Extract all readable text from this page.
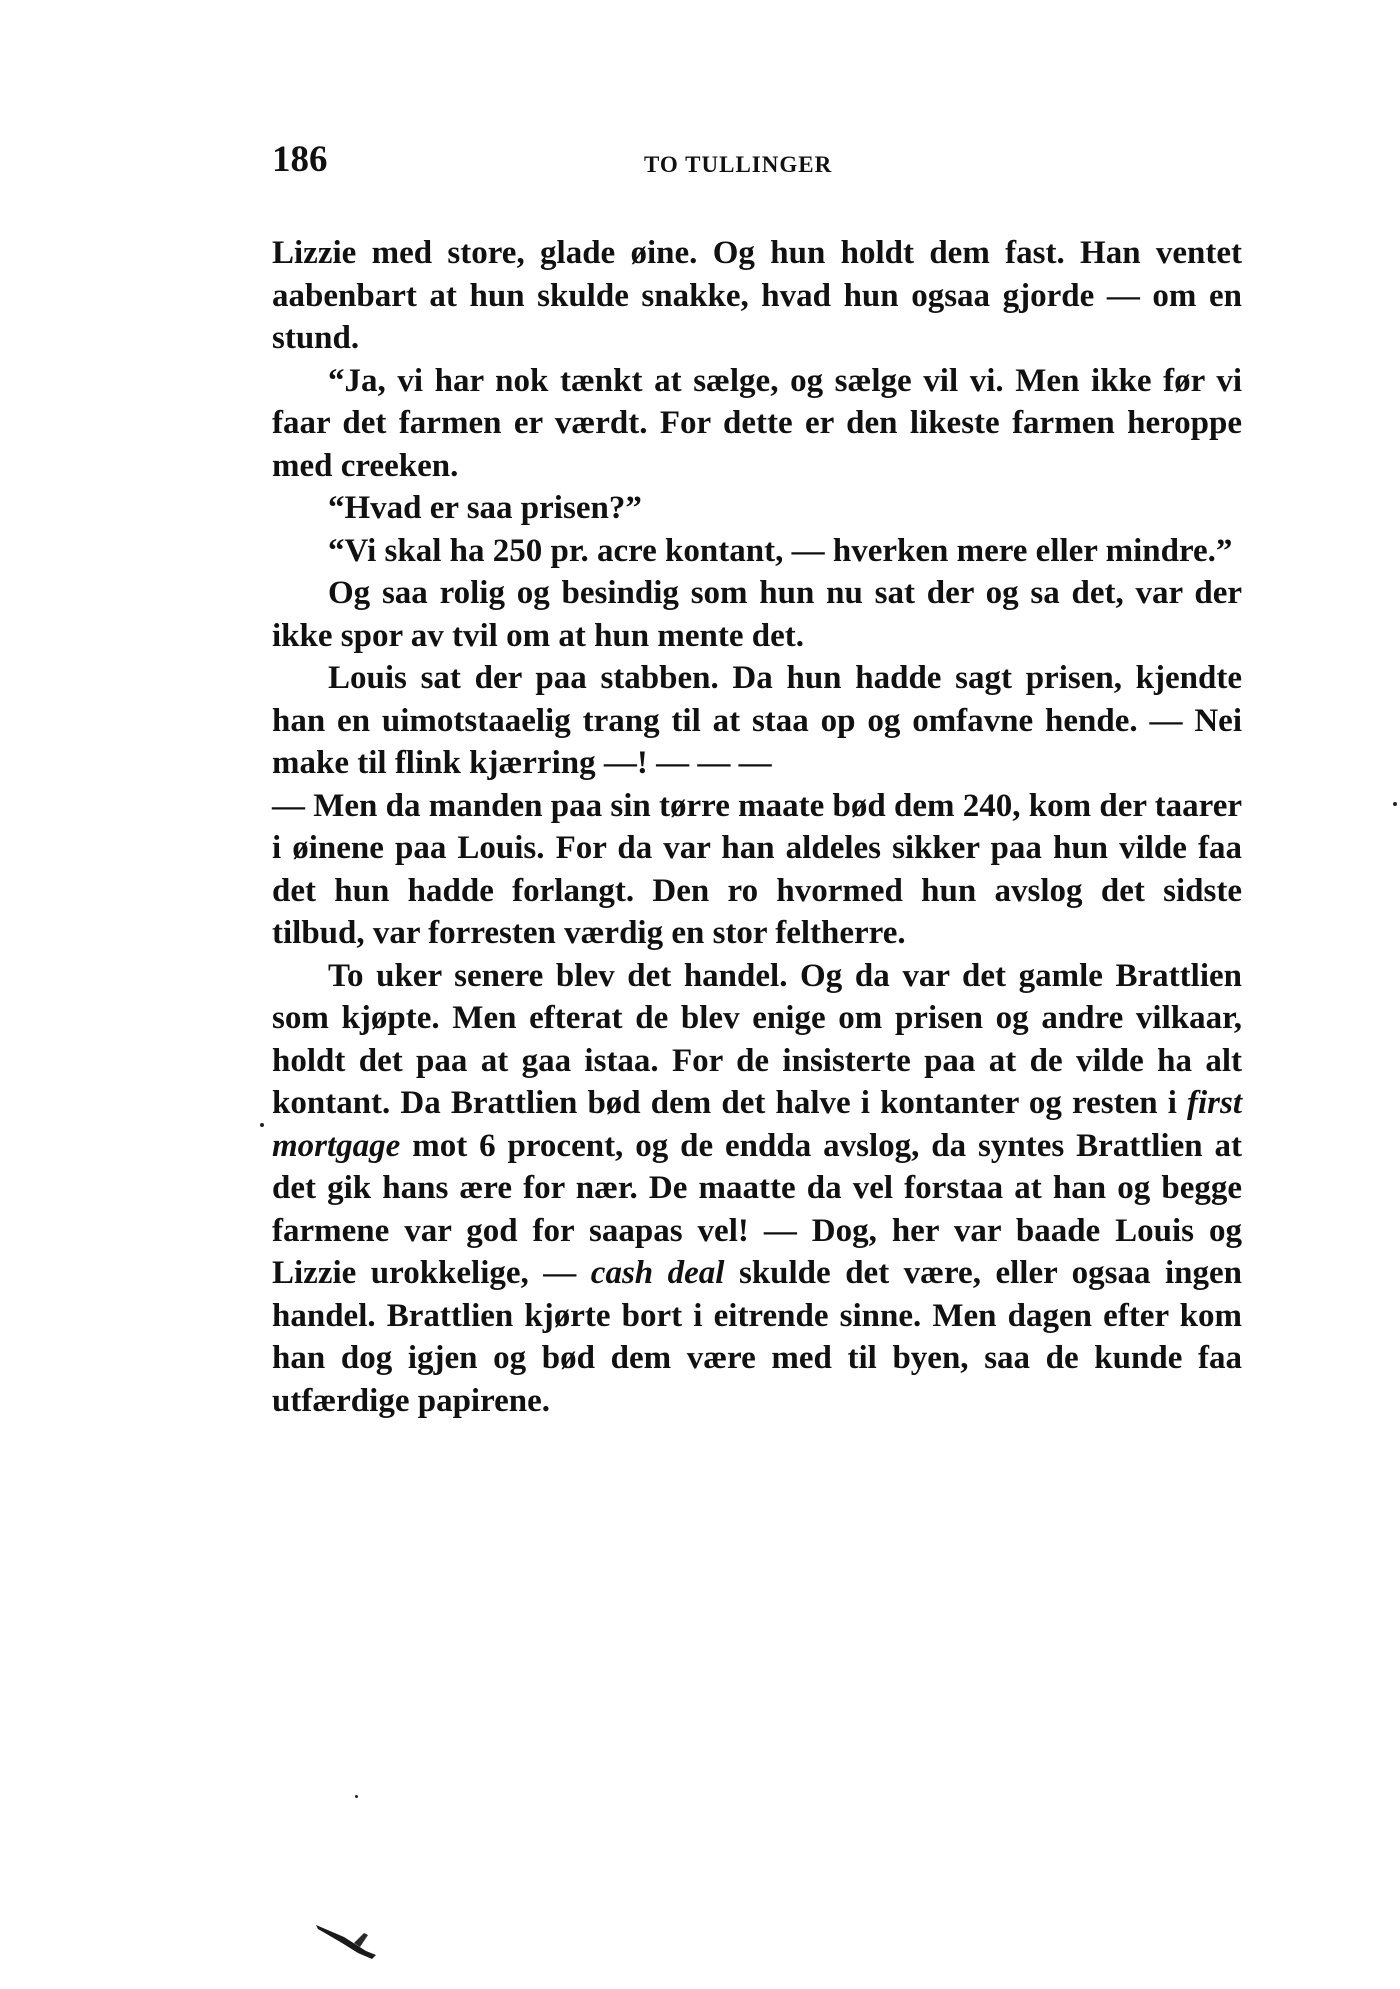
186	TO TULLINGER

Lizzie med store, glade øine. Og hun holdt dem fast. Han ventet aabenbart at hun skulde snakke, hvad hun ogsaa gjorde — om en stund.

“Ja, vi har nok tænkt at sælge, og sælge vil vi. Men ikke før vi faar det farmen er værdt. For dette er den likeste farmen heroppe med creeken.

“Hvad er saa prisen?”

“Vi skal ha 250 pr. acre kontant, — hverken mere eller mindre.”

Og saa rolig og besindig som hun nu sat der og sa det, var der ikke spor av tvil om at hun mente det.

Louis sat der paa stabben. Da hun hadde sagt prisen, kjendte han en uimotstaaelig trang til at staa op og omfavne hende. — Nei make til flink kjærring —! — — —

— Men da manden paa sin tørre maate bød dem 240, kom der taarer i øinene paa Louis. For da var han aldeles sikker paa hun vilde faa det hun hadde forlangt. Den ro hvormed hun avslog det sidste tilbud, var forresten værdig en stor feltherre.

To uker senere blev det handel. Og da var det gamle Brattlien som kjøpte. Men efterat de blev enige om prisen og andre vilkaar, holdt det paa at gaa istaa. For de insisterte paa at de vilde ha alt kontant. Da Brattlien bød dem det halve i kontanter og resten i first mortgage mot 6 procent, og de endda avslog, da syntes Brattlien at det gik hans ære for nær. De maatte da vel forstaa at han og begge farmene var god for saapas vel! — Dog, her var baade Louis og Lizzie urokkelige, — cash deal skulde det være, eller ogsaa ingen handel. Brattlien kjørte bort i eitrende sinne. Men dagen efter kom han dog igjen og bød dem være med til byen, saa de kunde faa utfærdige papirene.
